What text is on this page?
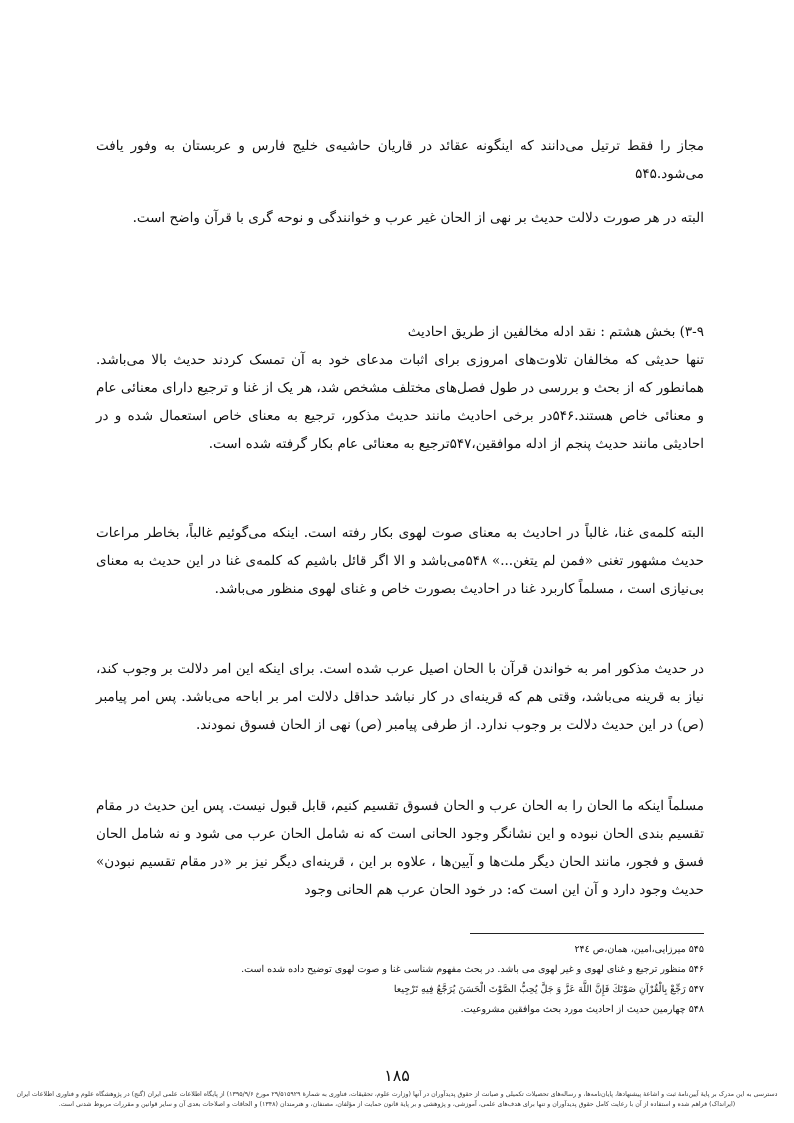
مجاز را فقط ترتیل می‌دانند که اینگونه عقائد در قاریان حاشیه‌ی خلیج فارس و عربستان به وفور یافت می‌شود.۵۴۵
البته در هر صورت دلالت حدیث بر نهی از الحان غیر عرب و خوانندگی و نوحه گری با قرآن واضح است.
۳-۹) بخش هشتم : نقد ادله مخالفین از طریق احادیث
تنها حدیثی که مخالفان تلاوت‌های امروزی برای اثبات مدعای خود به آن تمسک کردند حدیث بالا می‌باشد. همانطور که از بحث و بررسی در طول فصل‌های مختلف مشخص شد، هر یک از غنا و ترجیع دارای معنائی عام و معنائی خاص هستند.۵۴۶در برخی احادیث مانند حدیث مذکور، ترجیع به معنای خاص استعمال شده و در احادیثی مانند حدیث پنجم از ادله موافقین،۵۴۷ترجیع به معنائی عام بکار گرفته شده است.
البته کلمه‌ی غنا، غالباً در احادیث به معنای صوت لهوی بکار رفته است. اینکه می‌گوئیم غالباً، بخاطر مراعات حدیث مشهور تغنی «فمن لم یتغن...» ۵۴۸می‌باشد و الا اگر قائل باشیم که کلمه‌ی غنا در این حدیث به معنای بی‌نیازی است ، مسلماً کاربرد غنا در احادیث بصورت خاص و غنای لهوی منظور می‌باشد.
در حدیث مذکور امر به خواندن قرآن با الحان اصیل عرب شده است. برای اینکه این امر دلالت بر وجوب کند، نیاز به قرینه می‌باشد، وقتی هم که قرینه‌ای در کار نباشد حداقل دلالت امر بر اباحه می‌باشد. پس امر پیامبر (ص) در این حدیث دلالت بر وجوب ندارد. از طرفی پیامبر (ص) نهی از الحان فسوق نمودند.
مسلماً اینکه ما الحان را به الحان عرب و الحان فسوق تقسیم کنیم، قابل قبول نیست. پس این حدیث در مقام تقسیم بندی الحان نبوده و این نشانگر وجود الحانی است که نه شامل الحان عرب می شود و نه شامل الحان فسق و فجور، مانند الحان دیگر ملت‌ها و آیین‌ها ، علاوه بر این ، قرینه‌ای دیگر نیز بر «در مقام تقسیم نبودن» حدیث وجود دارد و آن این است که: در خود الحان عرب هم الحانی وجود
۵۴۵ میرزایی،امین، همان،ص ۲۴٤
۵۴۶ منظور ترجیع و غنای لهوی و غیر لهوی می باشد. در بحث مفهوم شناسی غنا و صوت لهوی توضیح داده شده است.
۵۴۷ رَجِّعْ بِالْقُرْآنِ صَوْتَكَ فَإِنَّ اللَّهَ عَزَّ وَ جَلَّ يُحِبُّ الصَّوْتَ الْحَسَنَ يُرَجَّعُ فِيهِ تَرْجِيعا
۵۴۸ چهارمین حدیث از احادیث مورد بحث موافقین مشروعیت.
۱۸۵
دسترسی به این مدرک بر پایهٔ آیین‌نامهٔ ثبت و اشاعهٔ پیشنهادها، پایان‌نامه‌ها، و رساله‌های تحصیلات تکمیلی و صیانت از حقوق پدیدآوران در آنها (وزارت علوم، تحقیقات، فناوری به شمارهٔ ۲۹/۵۱۵۹۲۹ مورخ ۱۳۹۵/۹/۶) از پایگاه اطلاعات علمی ایران (گنج) در پژوهشگاه علوم و فناوری اطلاعات ایران (ایرانداک) فراهم شده و استفاده از آن با رعایت کامل حقوق پدیدآوران و تنها برای هدف‌های علمی، آموزشی، و پژوهشی و بر پایهٔ قانون حمایت از مؤلفان، مصنفان، و هنرمندان (۱۳۴۸) و الحاقات و اصلاحات بعدی آن و سایر قوانین و مقررات مربوط شدنی است.
